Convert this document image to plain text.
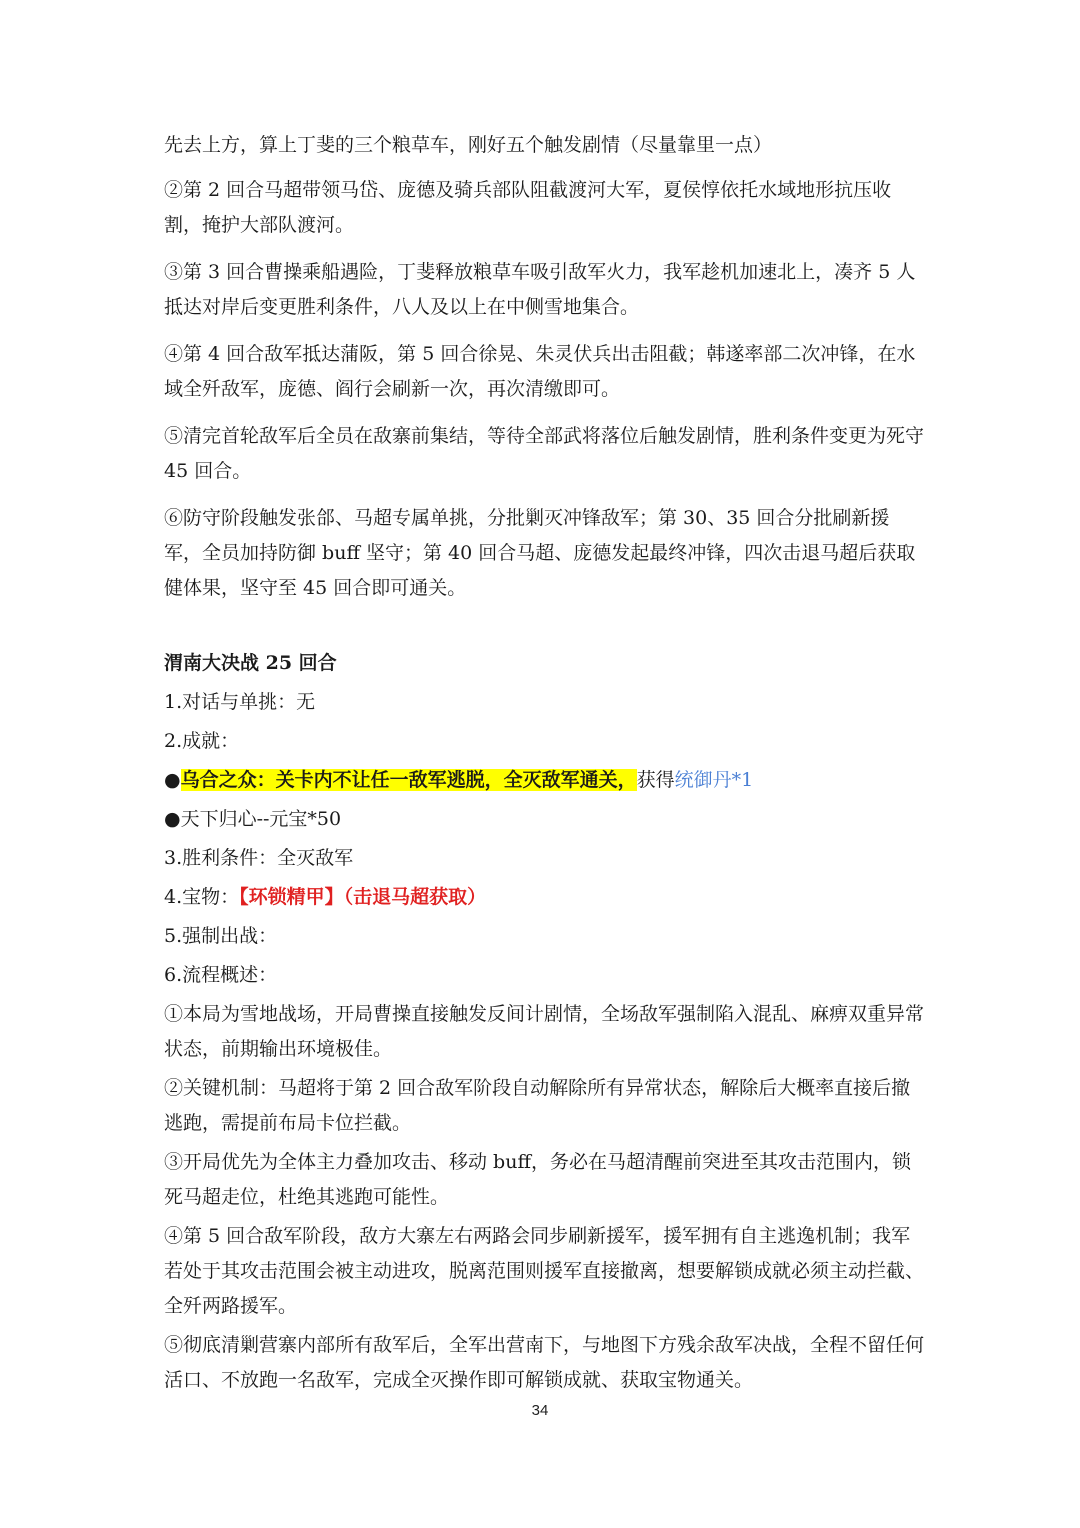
先去上方，算上丁斐的三个粮草车，刚好五个触发剧情（尽量靠里一点）

②第 2 回合马超带领马岱、庞德及骑兵部队阻截渡河大军，夏侯惇依托水域地形抗压收割，掩护大部队渡河。

③第 3 回合曹操乘船遇险，丁斐释放粮草车吸引敌军火力，我军趁机加速北上，凑齐 5 人抵达对岸后变更胜利条件，八人及以上在中侧雪地集合。

④第 4 回合敌军抵达蒲阪，第 5 回合徐晃、朱灵伏兵出击阻截；韩遂率部二次冲锋，在水域全歼敌军，庞德、阎行会刷新一次，再次清缴即可。

⑤清完首轮敌军后全员在敌寨前集结，等待全部武将落位后触发剧情，胜利条件变更为死守 45 回合。

⑥防守阶段触发张郃、马超专属单挑，分批剿灭冲锋敌军；第 30、35 回合分批刷新援军，全员加持防御 buff 坚守；第 40 回合马超、庞德发起最终冲锋，四次击退马超后获取健体果，坚守至 45 回合即可通关。

渭南大决战 25 回合

1.对话与单挑：无

2.成就：

●乌合之众：关卡内不让任一敌军逃脱，全灭敌军通关，获得统御丹*1

●天下归心--元宝*50

3.胜利条件：全灭敌军

4.宝物：【环锁精甲】（击退马超获取）

5.强制出战：

6.流程概述：

①本局为雪地战场，开局曹操直接触发反间计剧情，全场敌军强制陷入混乱、麻痹双重异常状态，前期输出环境极佳。

②关键机制：马超将于第 2 回合敌军阶段自动解除所有异常状态，解除后大概率直接后撤逃跑，需提前布局卡位拦截。

③开局优先为全体主力叠加攻击、移动 buff，务必在马超清醒前突进至其攻击范围内，锁死马超走位，杜绝其逃跑可能性。

④第 5 回合敌军阶段，敌方大寨左右两路会同步刷新援军，援军拥有自主逃逸机制；我军若处于其攻击范围会被主动进攻，脱离范围则援军直接撤离，想要解锁成就必须主动拦截、全歼两路援军。

⑤彻底清剿营寨内部所有敌军后，全军出营南下，与地图下方残余敌军决战，全程不留任何活口、不放跑一名敌军，完成全灭操作即可解锁成就、获取宝物通关。

34
